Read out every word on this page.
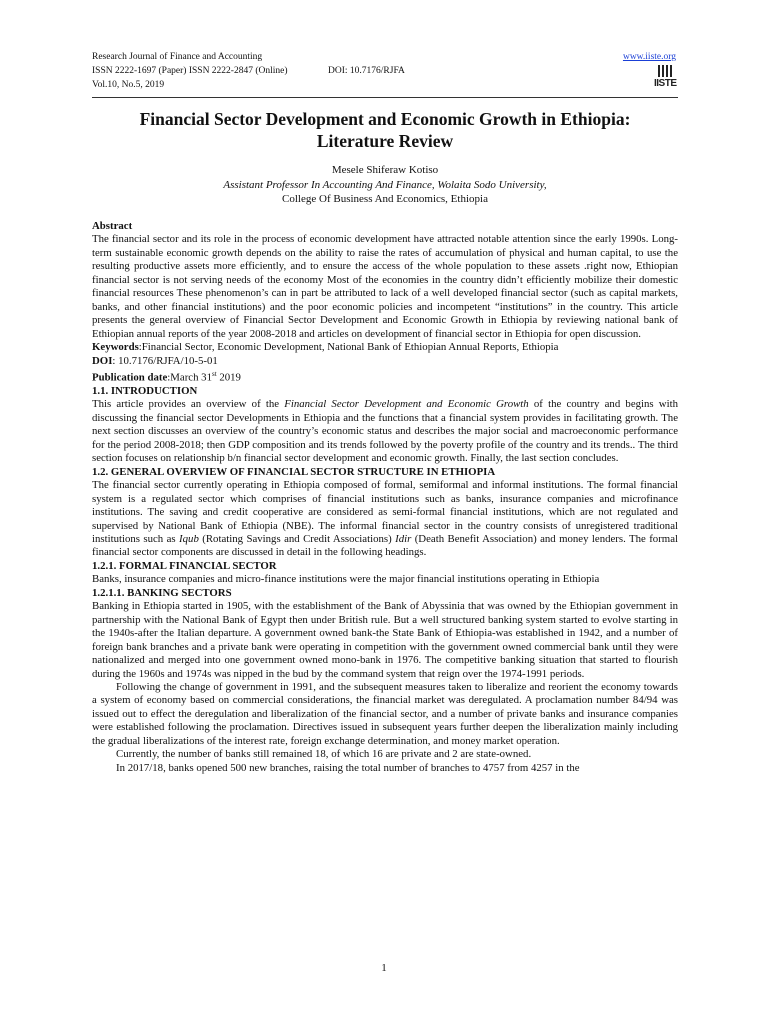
Research Journal of Finance and Accounting
ISSN 2222-1697 (Paper) ISSN 2222-2847 (Online)	DOI: 10.7176/RJFA
Vol.10, No.5, 2019
www.iiste.org
IISTE
Financial Sector Development and Economic Growth in Ethiopia:
Literature Review
Mesele Shiferaw Kotiso
Assistant Professor In Accounting And Finance, Wolaita Sodo University,
College Of Business And Economics, Ethiopia

Abstract

The financial sector and its role in the process of economic development have attracted notable attention since the early 1990s. Long-term sustainable economic growth depends on the ability to raise the rates of accumulation of physical and human capital, to use the resulting productive assets more efficiently, and to ensure the access of the whole population to these assets .right now, Ethiopian financial sector is not serving needs of the economy Most of the economies in the country didn’t efficiently mobilize their domestic financial resources These phenomenon’s can in part be attributed to lack of a well developed financial sector (such as capital markets, banks, and other financial institutions) and the poor economic policies and incompetent “institutions” in the country. This article presents the general overview of Financial Sector Development and Economic Growth in Ethiopia by reviewing national bank of Ethiopian annual reports of the year 2008-2018 and articles on development of financial sector in Ethiopia for open discussion.

Keywords:Financial Sector, Economic Development, National Bank of Ethiopian Annual Reports, Ethiopia

DOI: 10.7176/RJFA/10-5-01

Publication date:March 31st 2019

1.1. INTRODUCTION

This article provides an overview of the Financial Sector Development and Economic Growth of the country and begins with discussing the financial sector Developments in Ethiopia and the functions that a financial system provides in facilitating growth. The next section discusses an overview of the country’s economic status and describes the major social and macroeconomic performance for the period 2008-2018; then GDP composition and its trends followed by the poverty profile of the country and its trends.. The third section focuses on relationship b/n financial sector development and economic growth. Finally, the last section concludes.

1.2. GENERAL OVERVIEW OF FINANCIAL SECTOR STRUCTURE IN ETHIOPIA

The financial sector currently operating in Ethiopia composed of formal, semiformal and informal institutions. The formal financial system is a regulated sector which comprises of financial institutions such as banks, insurance companies and microfinance institutions. The saving and credit cooperative are considered as semi-formal financial institutions, which are not regulated and supervised by National Bank of Ethiopia (NBE). The informal financial sector in the country consists of unregistered traditional institutions such as Iqub (Rotating Savings and Credit Associations) Idir (Death Benefit Association) and money lenders. The formal financial sector components are discussed in detail in the following headings.

1.2.1. FORMAL FINANCIAL SECTOR

Banks, insurance companies and micro-finance institutions were the major financial institutions operating in Ethiopia

1.2.1.1. BANKING SECTORS

Banking in Ethiopia started in 1905, with the establishment of the Bank of Abyssinia that was owned by the Ethiopian government in partnership with the National Bank of Egypt then under British rule. But a well structured banking system started to evolve starting in the 1940s-after the Italian departure. A government owned bank-the State Bank of Ethiopia-was established in 1942, and a number of foreign bank branches and a private bank were operating in competition with the government owned commercial bank until they were nationalized and merged into one government owned mono-bank in 1976. The competitive banking situation that started to flourish during the 1960s and 1974s was nipped in the bud by the command system that reign over the 1974-1991 periods.

Following the change of government in 1991, and the subsequent measures taken to liberalize and reorient the economy towards a system of economy based on commercial considerations, the financial market was deregulated. A proclamation number 84/94 was issued out to effect the deregulation and liberalization of the financial sector, and a number of private banks and insurance companies were established following the proclamation. Directives issued in subsequent years further deepen the liberalization mainly including the gradual liberalizations of the interest rate, foreign exchange determination, and money market operation.

Currently, the number of banks still remained 18, of which 16 are private and 2 are state-owned.

In 2017/18, banks opened 500 new branches, raising the total number of branches to 4757 from 4257 in the

1
